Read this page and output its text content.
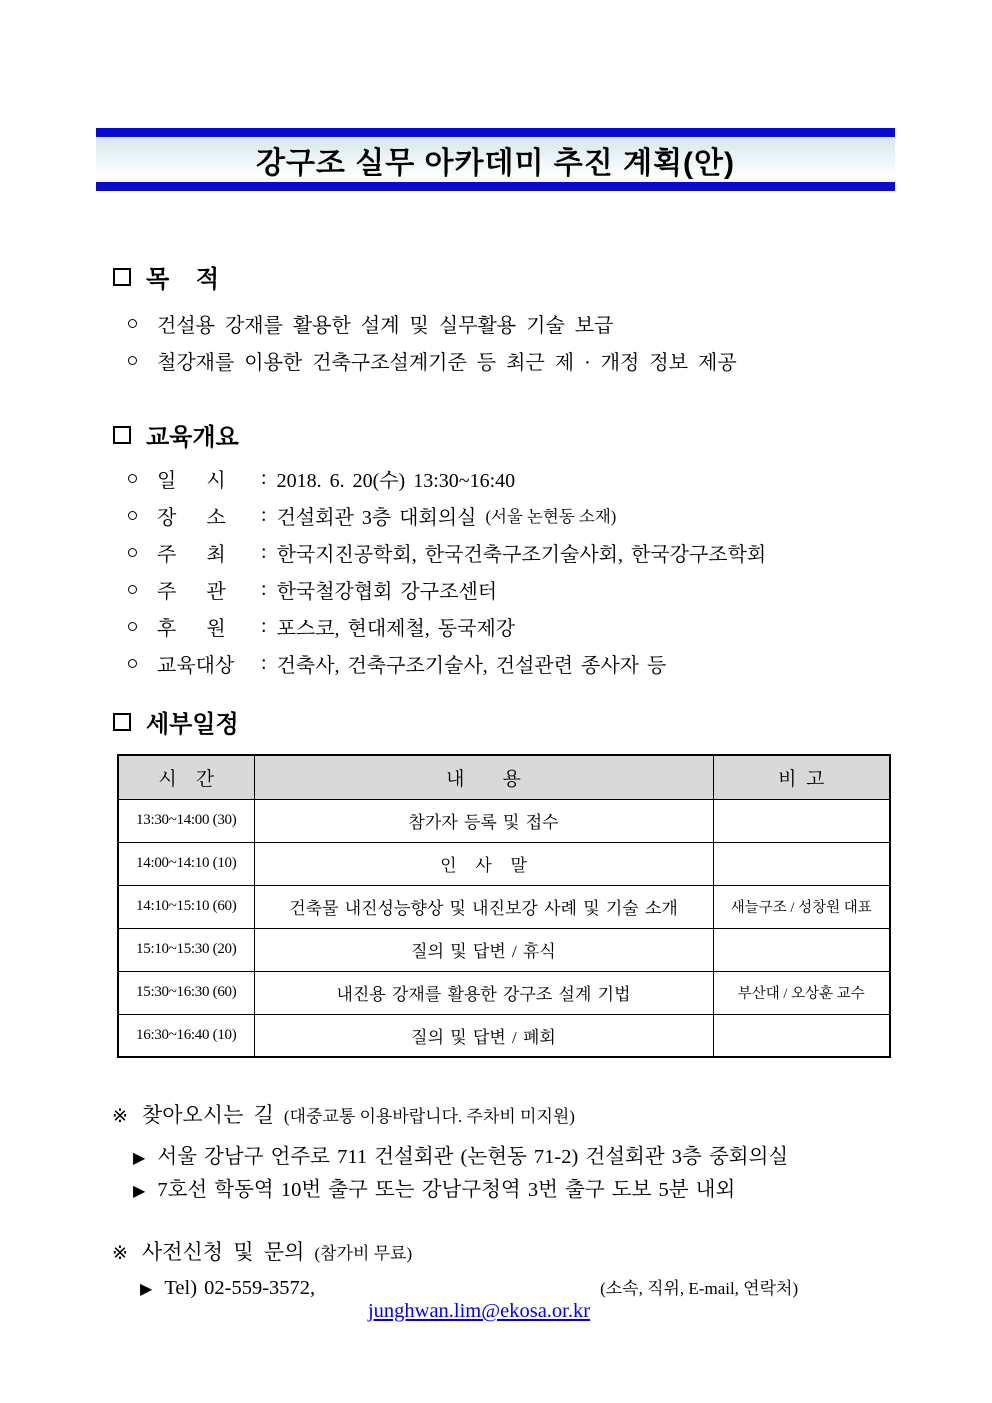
강구조 실무 아카데미 추진 계획(안)
목    적
건설용 강재를 활용한 설계 및 실무활용 기술 보급
철강재를 이용한 건축구조설계기준 등 최근 제 · 개정 정보 제공
교육개요
일      시	: 2018. 6. 20(수) 13:30~16:40
장      소	: 건설회관 3층 대회의실 (서울 논현동 소재)
주      최	: 한국지진공학회, 한국건축구조기술사회, 한국강구조학회
주      관	: 한국철강협회 강구조센터
후      원	: 포스코, 현대제철, 동국제강
교육대상	: 건축사, 건축구조기술사, 건설관련 종사자 등
세부일정
시    간	내        용	비  고
13:30~14:00 (30)	참가자 등록 및 접수	
14:00~14:10 (10)	인   사   말	
14:10~15:10 (60)	건축물 내진성능향상 및 내진보강 사례 및 기술 소개	새늘구조 / 성창원 대표
15:10~15:30 (20)	질의 및 답변 / 휴식	
15:30~16:30 (60)	내진용 강재를 활용한 강구조 설계 기법	부산대 / 오상훈 교수
16:30~16:40 (10)	질의 및 답변 / 폐회	
※ 찾아오시는 길 (대중교통 이용바랍니다. 주차비 미지원)
▶ 서울 강남구 언주로 711 건설회관 (논현동 71-2) 건설회관 3층 중회의실
▶ 7호선 학동역 10번 출구 또는 강남구청역 3번 출구 도보 5분 내외
※ 사전신청 및 문의 (참가비 무료)
▶ Tel) 02-559-3572,

junghwan.lim@ekosa.or.kr

(소속, 직위, E-mail, 연락처)
